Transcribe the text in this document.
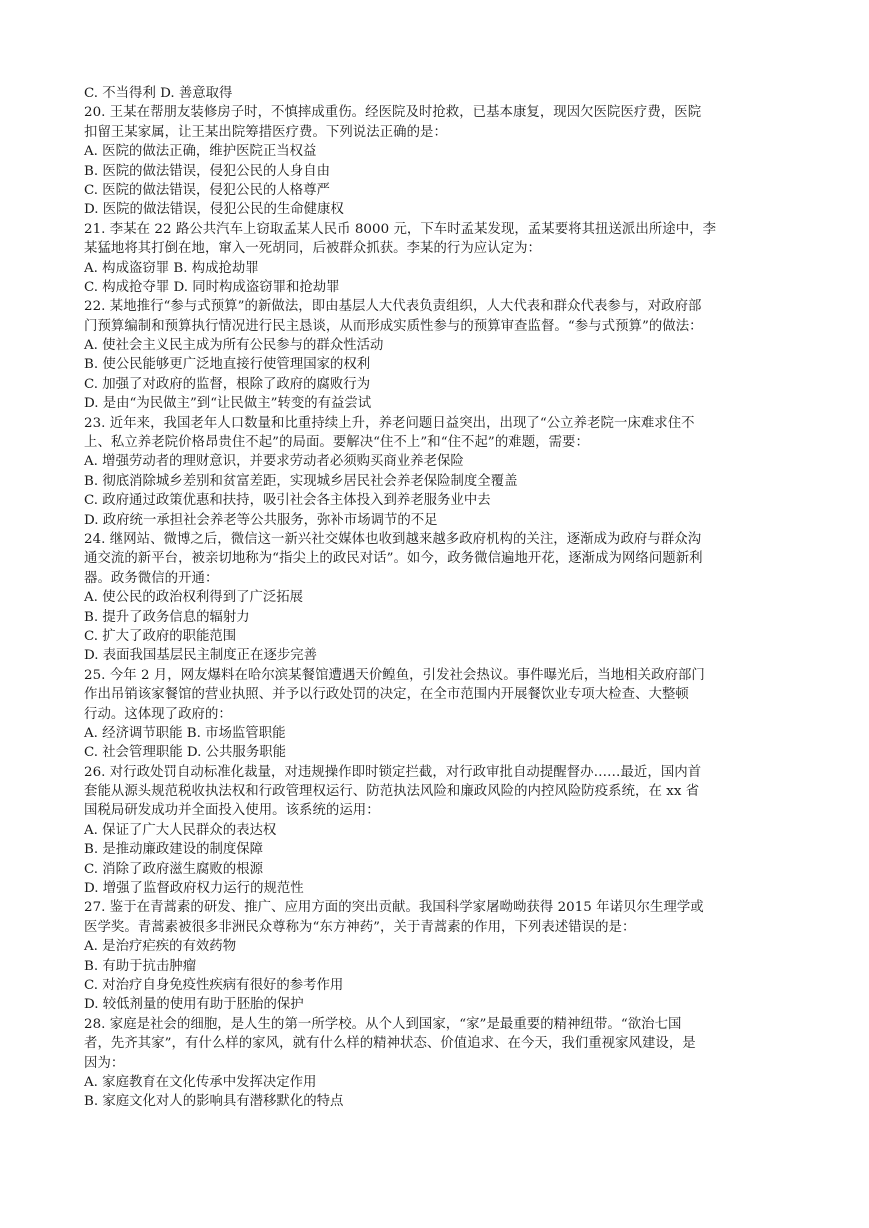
C. 不当得利 D. 善意取得
20. 王某在帮朋友装修房子时，不慎摔成重伤。经医院及时抢救，已基本康复，现因欠医院医疗费，医院
扣留王某家属，让王某出院筹措医疗费。下列说法正确的是：
A. 医院的做法正确，维护医院正当权益
B. 医院的做法错误，侵犯公民的人身自由
C. 医院的做法错误，侵犯公民的人格尊严
D. 医院的做法错误，侵犯公民的生命健康权
21. 李某在 22 路公共汽车上窃取孟某人民币 8000 元，下车时孟某发现，孟某要将其扭送派出所途中，李
某猛地将其打倒在地，窜入一死胡同，后被群众抓获。李某的行为应认定为：
A. 构成盗窃罪 B. 构成抢劫罪
C. 构成抢夺罪 D. 同时构成盗窃罪和抢劫罪
22. 某地推行“参与式预算”的新做法，即由基层人大代表负责组织，人大代表和群众代表参与，对政府部
门预算编制和预算执行情况进行民主恳谈，从而形成实质性参与的预算审查监督。“参与式预算”的做法：
A. 使社会主义民主成为所有公民参与的群众性活动
B. 使公民能够更广泛地直接行使管理国家的权利
C. 加强了对政府的监督，根除了政府的腐败行为
D. 是由“为民做主”到“让民做主”转变的有益尝试
23. 近年来，我国老年人口数量和比重持续上升，养老问题日益突出，出现了“公立养老院一床难求住不
上、私立养老院价格昂贵住不起”的局面。要解决“住不上”和“住不起”的难题，需要：
A. 增强劳动者的理财意识，并要求劳动者必须购买商业养老保险
B. 彻底消除城乡差别和贫富差距，实现城乡居民社会养老保险制度全覆盖
C. 政府通过政策优惠和扶持，吸引社会各主体投入到养老服务业中去
D. 政府统一承担社会养老等公共服务，弥补市场调节的不足
24. 继网站、微博之后，微信这一新兴社交媒体也收到越来越多政府机构的关注，逐渐成为政府与群众沟
通交流的新平台，被亲切地称为“指尖上的政民对话”。如今，政务微信遍地开花，逐渐成为网络问题新利
器。政务微信的开通：
A. 使公民的政治权利得到了广泛拓展
B. 提升了政务信息的辐射力
C. 扩大了政府的职能范围
D. 表面我国基层民主制度正在逐步完善
25. 今年 2 月，网友爆料在哈尔滨某餐馆遭遇天价鳇鱼，引发社会热议。事件曝光后，当地相关政府部门
作出吊销该家餐馆的营业执照、并予以行政处罚的决定，在全市范围内开展餐饮业专项大检查、大整顿
行动。这体现了政府的：
A. 经济调节职能 B. 市场监管职能
C. 社会管理职能 D. 公共服务职能
26. 对行政处罚自动标准化裁量，对违规操作即时锁定拦截，对行政审批自动提醒督办……最近，国内首
套能从源头规范税收执法权和行政管理权运行、防范执法风险和廉政风险的内控风险防疫系统，在 xx 省
国税局研发成功并全面投入使用。该系统的运用：
A. 保证了广大人民群众的表达权
B. 是推动廉政建设的制度保障
C. 消除了政府滋生腐败的根源
D. 增强了监督政府权力运行的规范性
27. 鉴于在青蒿素的研发、推广、应用方面的突出贡献。我国科学家屠呦呦获得 2015 年诺贝尔生理学或
医学奖。青蒿素被很多非洲民众尊称为“东方神药”，关于青蒿素的作用，下列表述错误的是：
A. 是治疗疟疾的有效药物
B. 有助于抗击肿瘤
C. 对治疗自身免疫性疾病有很好的参考作用
D. 较低剂量的使用有助于胚胎的保护
28. 家庭是社会的细胞，是人生的第一所学校。从个人到国家，“家”是最重要的精神纽带。“欲治七国
者，先齐其家”，有什么样的家风，就有什么样的精神状态、价值追求、在今天，我们重视家风建设，是
因为：
A. 家庭教育在文化传承中发挥决定作用
B. 家庭文化对人的影响具有潜移默化的特点
